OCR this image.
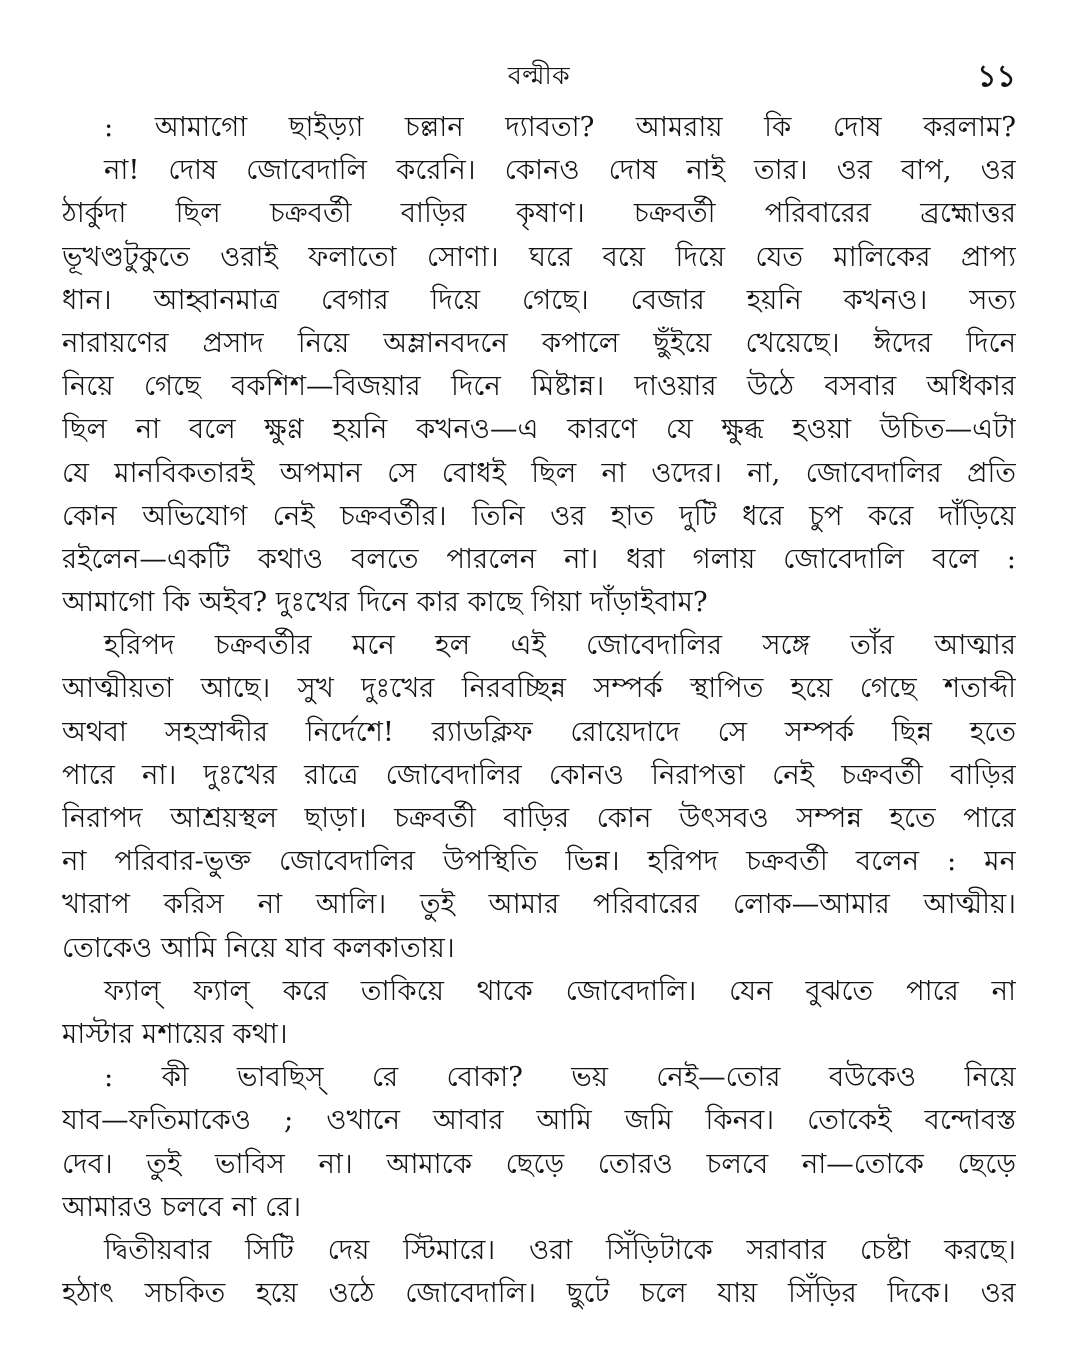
বল্মীক	১১
: আমাগো ছাইড়্যা চল্লান দ্যাবতা? আমরায় কি দোষ করলাম?
না! দোষ জোবেদালি করেনি। কোনও দোষ নাই তার। ওর বাপ, ওর
ঠার্কুদা ছিল চক্রবর্তী বাড়ির কৃষাণ। চক্রবর্তী পরিবারের ব্রহ্মোত্তর
ভূখণ্ডটুকুতে ওরাই ফলাতো সোণা। ঘরে বয়ে দিয়ে যেত মালিকের প্রাপ্য
ধান। আহ্বানমাত্র বেগার দিয়ে গেছে। বেজার হয়নি কখনও। সত্য
নারায়ণের প্রসাদ নিয়ে অম্লানবদনে কপালে ছুঁইয়ে খেয়েছে। ঈদের দিনে
নিয়ে গেছে বকশিশ—বিজয়ার দিনে মিষ্টান্ন। দাওয়ার উঠে বসবার অধিকার
ছিল না বলে ক্ষুণ্ণ হয়নি কখনও—এ কারণে যে ক্ষুব্ধ হওয়া উচিত—এটা
যে মানবিকতারই অপমান সে বোধই ছিল না ওদের। না, জোবেদালির প্রতি
কোন অভিযোগ নেই চক্রবর্তীর। তিনি ওর হাত দুটি ধরে চুপ করে দাঁড়িয়ে
রইলেন—একটি কথাও বলতে পারলেন না। ধরা গলায় জোবেদালি বলে :
আমাগো কি অইব? দুঃখের দিনে কার কাছে গিয়া দাঁড়াইবাম?
হরিপদ চক্রবর্তীর মনে হল এই জোবেদালির সঙ্গে তাঁর আত্মার
আত্মীয়তা আছে। সুখ দুঃখের নিরবচ্ছিন্ন সম্পর্ক স্থাপিত হয়ে গেছে শতাব্দী
অথবা সহস্রাব্দীর নির্দেশে! র‍্যাডক্লিফ রোয়েদাদে সে সম্পর্ক ছিন্ন হতে
পারে না। দুঃখের রাত্রে জোবেদালির কোনও নিরাপত্তা নেই চক্রবর্তী বাড়ির
নিরাপদ আশ্রয়স্থল ছাড়া। চক্রবর্তী বাড়ির কোন উৎসবও সম্পন্ন হতে পারে
না পরিবার-ভুক্ত জোবেদালির উপস্থিতি ভিন্ন। হরিপদ চক্রবর্তী বলেন : মন
খারাপ করিস না আলি। তুই আমার পরিবারের লোক—আমার আত্মীয়।
তোকেও আমি নিয়ে যাব কলকাতায়।
ফ্যাল্ ফ্যাল্ করে তাকিয়ে থাকে জোবেদালি। যেন বুঝতে পারে না
মাস্টার মশায়ের কথা।
: কী ভাবছিস্ রে বোকা? ভয় নেই—তোর বউকেও নিয়ে
যাব—ফতিমাকেও ; ওখানে আবার আমি জমি কিনব। তোকেই বন্দোবস্ত
দেব। তুই ভাবিস না। আমাকে ছেড়ে তোরও চলবে না—তোকে ছেড়ে
আমারও চলবে না রে।
দ্বিতীয়বার সিটি দেয় স্টিমারে। ওরা সিঁড়িটাকে সরাবার চেষ্টা করছে।
হঠাৎ সচকিত হয়ে ওঠে জোবেদালি। ছুটে চলে যায় সিঁড়ির দিকে। ওর
